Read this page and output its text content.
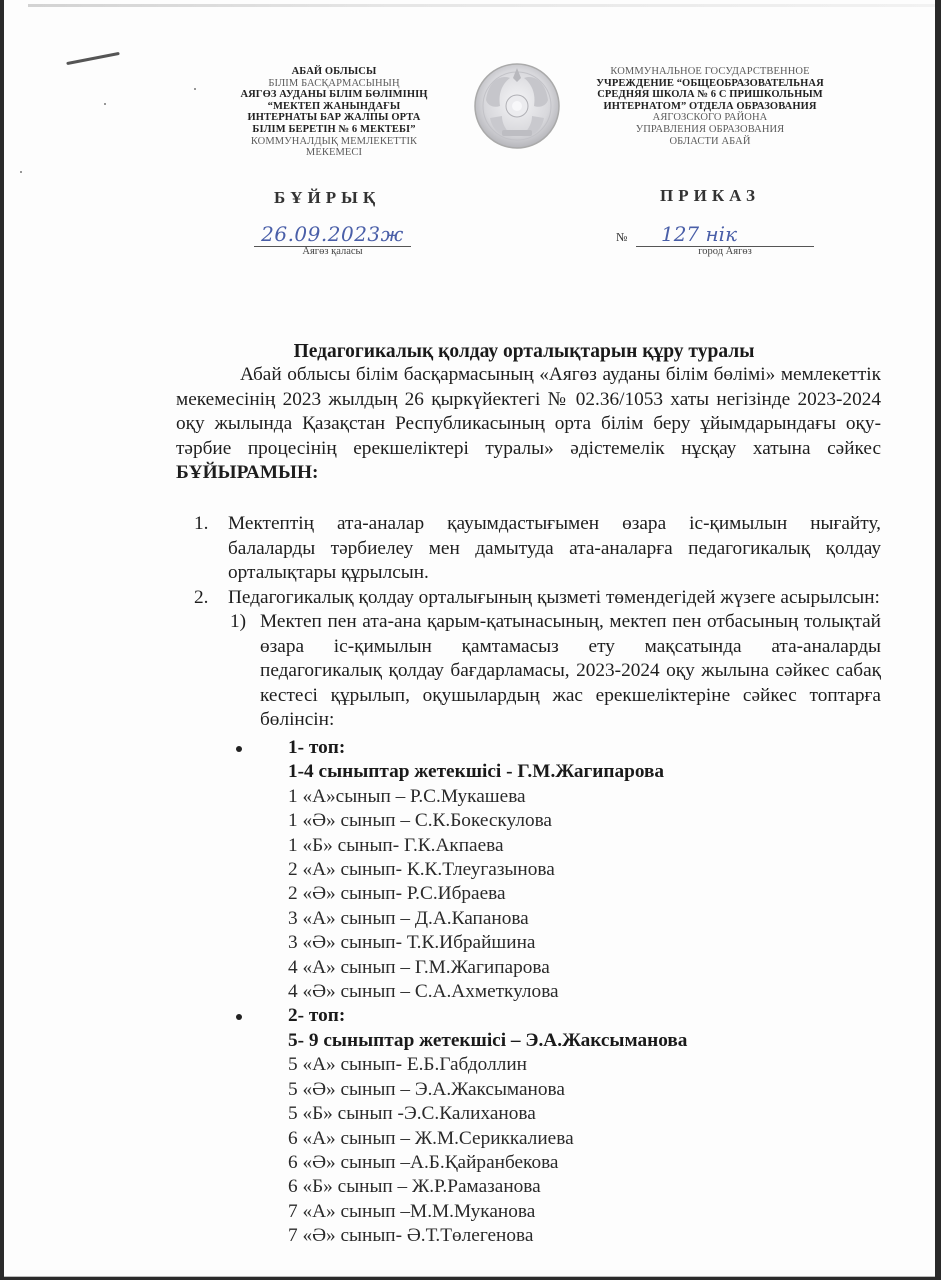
АБАЙ ОБЛЫСЫ
БІЛІМ БАСҚАРМАСЫНЫҢ
АЯГӨЗ АУДАНЫ БІЛІМ БӨЛІМІНІҢ
“МЕКТЕП ЖАНЫНДАҒЫ
ИНТЕРНАТЫ БАР ЖАЛПЫ ОРТА
БІЛІМ БЕРЕТІН № 6 МЕКТЕБІ”
КОММУНАЛДЫҚ МЕМЛЕКЕТТІК
МЕКЕМЕСІ
КОММУНАЛЬНОЕ ГОСУДАРСТВЕННОЕ
УЧРЕЖДЕНИЕ “ОБЩЕОБРАЗОВАТЕЛЬНАЯ
СРЕДНЯЯ ШКОЛА № 6 С ПРИШКОЛЬНЫМ
ИНТЕРНАТОМ” ОТДЕЛА ОБРАЗОВАНИЯ
АЯГОЗСКОГО РАЙОНА
УПРАВЛЕНИЯ ОБРАЗОВАНИЯ
ОБЛАСТИ АБАЙ
БҰЙРЫҚ	ПРИКАЗ
26.09.2023ж
Аягөз қаласы
№	127 нік
город Аягөз
Педагогикалық қолдау орталықтарын құру туралы
Абай облысы білім басқармасының «Аягөз ауданы білім бөлімі» мемлекеттік мекемесінің 2023 жылдың 26 қыркүйектегі № 02.36/1053 хаты негізінде 2023-2024 оқу жылында Қазақстан Республикасының орта білім беру ұйымдарындағы оқу-тәрбие процесінің ерекшеліктері туралы» әдістемелік нұсқау хатына сәйкес БҰЙЫРАМЫН:
1. Мектептің ата-аналар қауымдастығымен өзара іс-қимылын нығайту, балаларды тәрбиелеу мен дамытуда ата-аналарға педагогикалық қолдау орталықтары құрылсын.
2. Педагогикалық қолдау орталығының қызметі төмендегідей жүзеге асырылсын:
1) Мектеп пен ата-ана қарым-қатынасының, мектеп пен отбасының толықтай өзара іс-қимылын қамтамасыз ету мақсатында ата-аналарды педагогикалық қолдау бағдарламасы, 2023-2024 оқу жылына сәйкес сабақ кестесі құрылып, оқушылардың жас ерекшеліктеріне сәйкес топтарға бөлінсін:
1- топ:
1-4 сыныптар жетекшісі - Г.М.Жагипарова
1 «А»сынып – Р.С.Мукашева
1 «Ә» сынып – С.К.Бокескулова
1 «Б» сынып- Г.К.Акпаева
2 «А» сынып- К.К.Тлеугазынова
2 «Ә» сынып- Р.С.Ибраева
3 «А» сынып – Д.А.Капанова
3 «Ә» сынып- Т.К.Ибрайшина
4 «А» сынып – Г.М.Жагипарова
4 «Ә» сынып – С.А.Ахметкулова
2- топ:
5- 9 сыныптар жетекшісі – Э.А.Жаксыманова
5 «А» сынып- Е.Б.Габдоллин
5 «Ә» сынып – Э.А.Жаксыманова
5 «Б» сынып -Э.С.Калиханова
6 «А» сынып – Ж.М.Сериккалиева
6 «Ә» сынып –А.Б.Қайранбекова
6 «Б» сынып – Ж.Р.Рамазанова
7 «А» сынып –М.М.Муканова
7 «Ә» сынып- Ә.Т.Төлегенова
